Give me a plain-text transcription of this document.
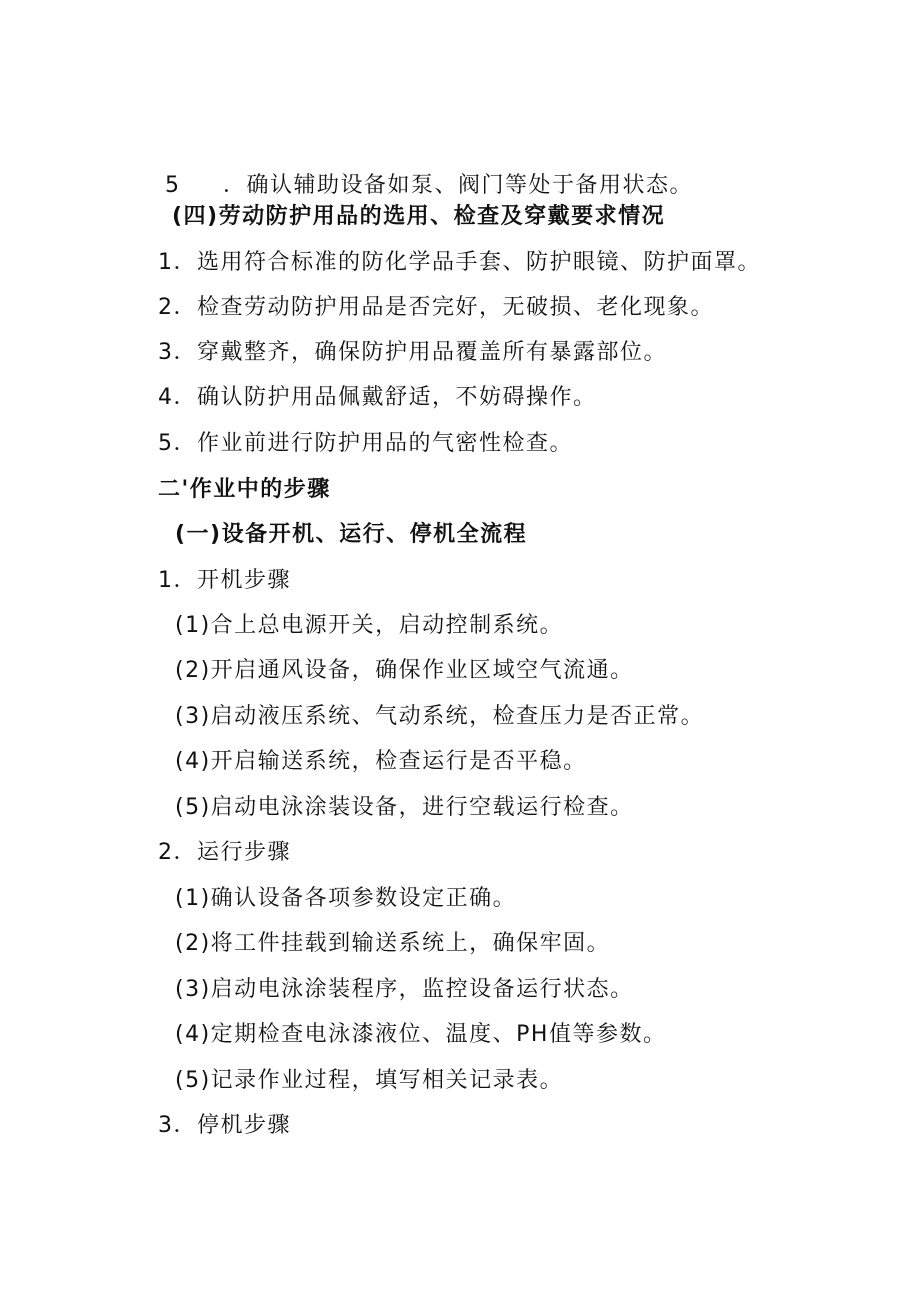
5 ．确认辅助设备如泵、阀门等处于备用状态。
(四)劳动防护用品的选用、检查及穿戴要求情况
1．选用符合标准的防化学品手套、防护眼镜、防护面罩。
2．检查劳动防护用品是否完好，无破损、老化现象。
3．穿戴整齐，确保防护用品覆盖所有暴露部位。
4．确认防护用品佩戴舒适，不妨碍操作。
5．作业前进行防护用品的气密性检查。
二'作业中的步骤
(一)设备开机、运行、停机全流程
1．开机步骤
(1)合上总电源开关，启动控制系统。
(2)开启通风设备，确保作业区域空气流通。
(3)启动液压系统、气动系统，检查压力是否正常。
(4)开启输送系统，检查运行是否平稳。
(5)启动电泳涂装设备，进行空载运行检查。
2．运行步骤
(1)确认设备各项参数设定正确。
(2)将工件挂载到输送系统上，确保牢固。
(3)启动电泳涂装程序，监控设备运行状态。
(4)定期检查电泳漆液位、温度、PH值等参数。
(5)记录作业过程，填写相关记录表。
3．停机步骤
